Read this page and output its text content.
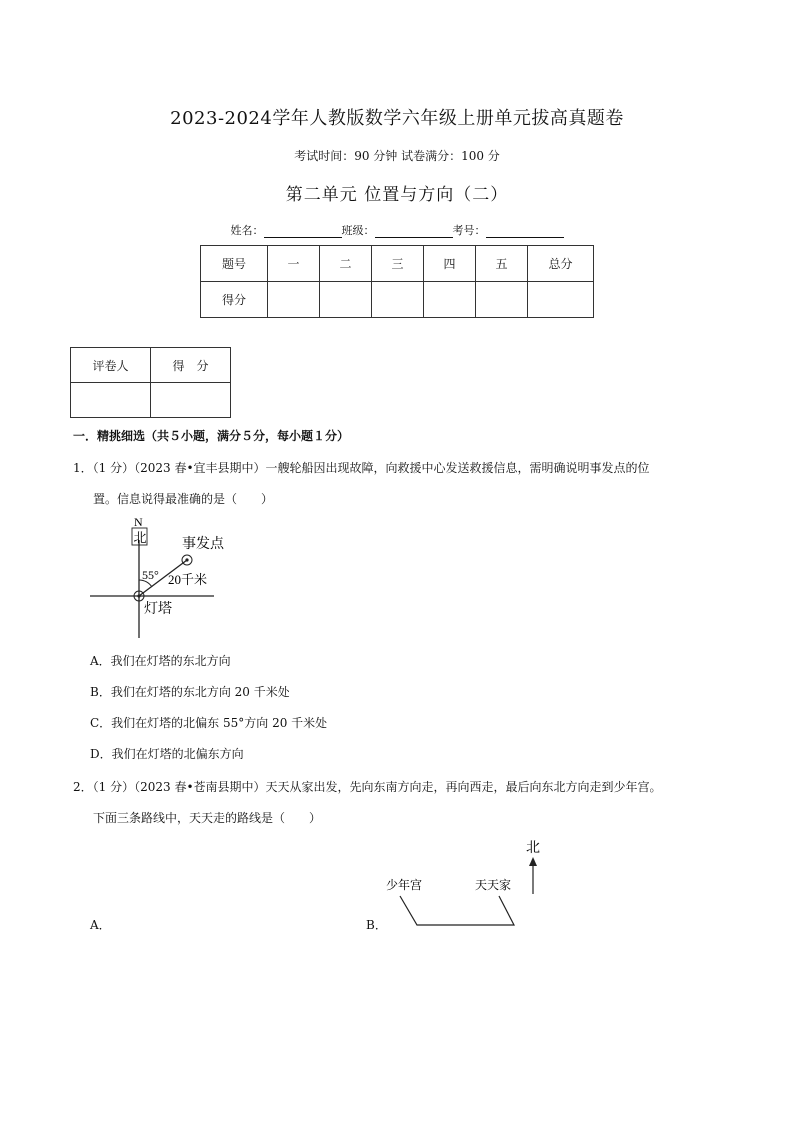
2023-2024学年人教版数学六年级上册单元拔高真题卷
考试时间：90 分钟 试卷满分：100 分
第二单元 位置与方向（二）
姓名：	班级：	考号：
题号	一	二	三	四	五	总分
得分						
评卷人	得　分

一．精挑细选（共５小题，满分５分，每小题１分）
1．（1 分）（2023 春•宜丰县期中）一艘轮船因出现故障，向救援中心发送救援信息，需明确说明事发点的位
置。信息说得最准确的是（　　）
N
北	事发点
55° 20千米
灯塔
A．我们在灯塔的东北方向
B．我们在灯塔的东北方向 20 千米处
C．我们在灯塔的北偏东 55°方向 20 千米处
D．我们在灯塔的北偏东方向
2．（1 分）（2023 春•苍南县期中）天天从家出发，先向东南方向走，再向西走，最后向东北方向走到少年宫。
下面三条路线中，天天走的路线是（　　）
A．	B．
北
少年宫	天天家
